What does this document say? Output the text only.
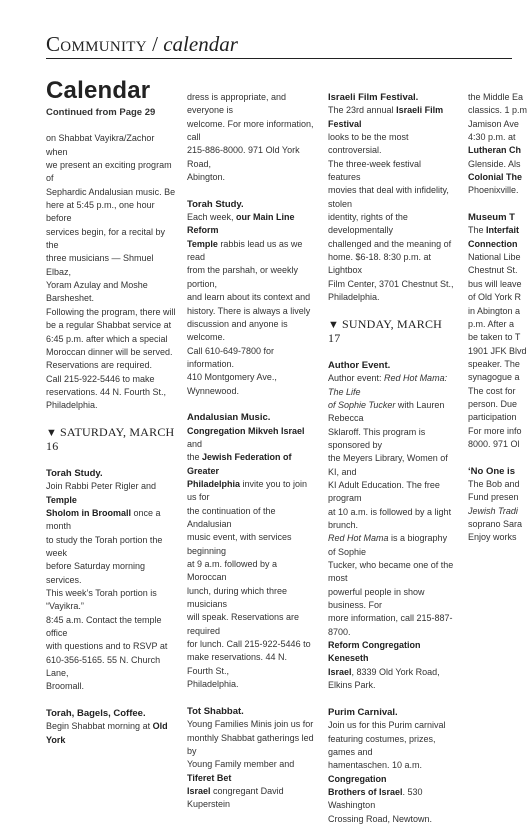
Community / calendar
Calendar
Continued from Page 29

on Shabbat Vayikra/Zachor when
we present an exciting program of
Sephardic Andalusian music. Be
here at 5:45 p.m., one hour before
services begin, for a recital by the
three musicians — Shmuel Elbaz,
Yoram Azulay and Moshe Barsheshet.
Following the program, there will
be a regular Shabbat service at
6:45 p.m. after which a special
Moroccan dinner will be served.
Reservations are required.
Call 215-922-5446 to make
reservations. 44 N. Fourth St.,
Philadelphia.

▼ SATURDAY, MARCH 16
Torah Study.

Join Rabbi Peter Rigler and Temple
Sholom in Broomall once a month
to study the Torah portion the week
before Saturday morning services.
This week’s Torah portion is “Vayikra.”
8:45 a.m. Contact the temple office
with questions and to RSVP at
610-356-5165. 55 N. Church Lane,
Broomall.

Torah, Bagels, Coffee.

Begin Shabbat morning at Old York

dress is appropriate, and everyone is
welcome. For more information, call
215-886-8000. 971 Old York Road,
Abington.

Torah Study.

Each week, our Main Line Reform
Temple rabbis lead us as we read
from the parshah, or weekly portion,
and learn about its context and
history. There is always a lively
discussion and anyone is welcome.
Call 610-649-7800 for information.
410 Montgomery Ave.,
Wynnewood.

Andalusian Music.

Congregation Mikveh Israel and
the Jewish Federation of Greater
Philadelphia invite you to join us for
the continuation of the Andalusian
music event, with services beginning
at 9 a.m. followed by a Moroccan
lunch, during which three musicians
will speak. Reservations are required
for lunch. Call 215-922-5446 to
make reservations. 44 N. Fourth St.,
Philadelphia.

Tot Shabbat.

Young Families Minis join us for
monthly Shabbat gatherings led by
Young Family member and Tiferet Bet
Israel congregant David Kuperstein

Israeli Film Festival.

The 23rd annual Israeli Film Festival
looks to be the most controversial.
The three-week festival features
movies that deal with infidelity, stolen
identity, rights of the developmentally
challenged and the meaning of
home. $6-18. 8:30 p.m. at Lightbox
Film Center, 3701 Chestnut St.,
Philadelphia.

▼ SUNDAY, MARCH 17
Author Event.

Author event: Red Hot Mama: The Life
of Sophie Tucker with Lauren Rebecca
Sklaroff. This program is sponsored by
the Meyers Library, Women of KI, and
KI Adult Education. The free program
at 10 a.m. is followed by a light brunch.
Red Hot Mama is a biography of Sophie
Tucker, who became one of the most
powerful people in show business. For
more information, call 215-887-8700.
Reform Congregation Keneseth
Israel, 8339 Old York Road, Elkins Park.

Purim Carnival.

Join us for this Purim carnival
featuring costumes, prizes, games and
hamentaschen. 10 a.m. Congregation
Brothers of Israel. 530 Washington
Crossing Road, Newtown.

the Middle Ea
classics. 1 p.m
Jamison Ave
4:30 p.m. at
Lutheran Ch
Glenside. Als
Colonial The
Phoenixville.

Museum T

The Interfait
Connection
National Libe
Chestnut St.
bus will leave
of Old York R
in Abington a
p.m. After a
be taken to T
1901 JFK Blvd
speaker. The
synagogue a
The cost for
person. Due
participation
For more info
8000. 971 Ol

‘No One is

The Bob and
Fund presen
Jewish Tradi
soprano Sara
Enjoy works
